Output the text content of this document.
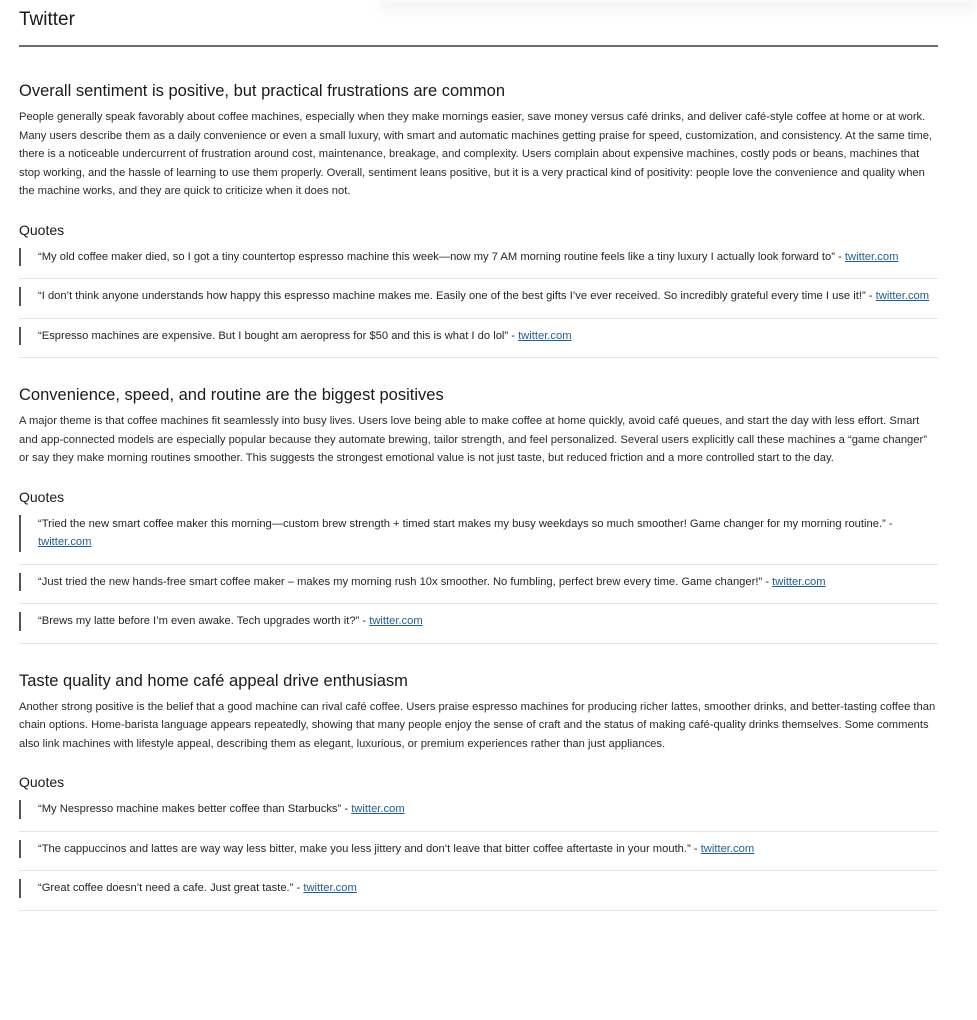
Twitter
Overall sentiment is positive, but practical frustrations are common

People generally speak favorably about coffee machines, especially when they make mornings easier, save money versus café drinks, and deliver café-style coffee at home or at work. Many users describe them as a daily convenience or even a small luxury, with smart and automatic machines getting praise for speed, customization, and consistency. At the same time, there is a noticeable undercurrent of frustration around cost, maintenance, breakage, and complexity. Users complain about expensive machines, costly pods or beans, machines that stop working, and the hassle of learning to use them properly. Overall, sentiment leans positive, but it is a very practical kind of positivity: people love the convenience and quality when the machine works, and they are quick to criticize when it does not.

Quotes
“My old coffee maker died, so I got a tiny countertop espresso machine this week—now my 7 AM morning routine feels like a tiny luxury I actually look forward to” - twitter.com
“I don’t think anyone understands how happy this espresso machine makes me. Easily one of the best gifts I’ve ever received. So incredibly grateful every time I use it!” - twitter.com
“Espresso machines are expensive. But I bought am aeropress for $50 and this is what I do lol” - twitter.com
Convenience, speed, and routine are the biggest positives

A major theme is that coffee machines fit seamlessly into busy lives. Users love being able to make coffee at home quickly, avoid café queues, and start the day with less effort. Smart and app-connected models are especially popular because they automate brewing, tailor strength, and feel personalized. Several users explicitly call these machines a “game changer” or say they make morning routines smoother. This suggests the strongest emotional value is not just taste, but reduced friction and a more controlled start to the day.

Quotes
“Tried the new smart coffee maker this morning—custom brew strength + timed start makes my busy weekdays so much smoother! Game changer for my morning routine.” - twitter.com
“Just tried the new hands-free smart coffee maker – makes my morning rush 10x smoother. No fumbling, perfect brew every time. Game changer!” - twitter.com
“Brews my latte before I’m even awake. Tech upgrades worth it?” - twitter.com
Taste quality and home café appeal drive enthusiasm

Another strong positive is the belief that a good machine can rival café coffee. Users praise espresso machines for producing richer lattes, smoother drinks, and better-tasting coffee than chain options. Home-barista language appears repeatedly, showing that many people enjoy the sense of craft and the status of making café-quality drinks themselves. Some comments also link machines with lifestyle appeal, describing them as elegant, luxurious, or premium experiences rather than just appliances.

Quotes
“My Nespresso machine makes better coffee than Starbucks” - twitter.com
“The cappuccinos and lattes are way way less bitter, make you less jittery and don’t leave that bitter coffee aftertaste in your mouth.” - twitter.com
“Great coffee doesn’t need a cafe. Just great taste.” - twitter.com
